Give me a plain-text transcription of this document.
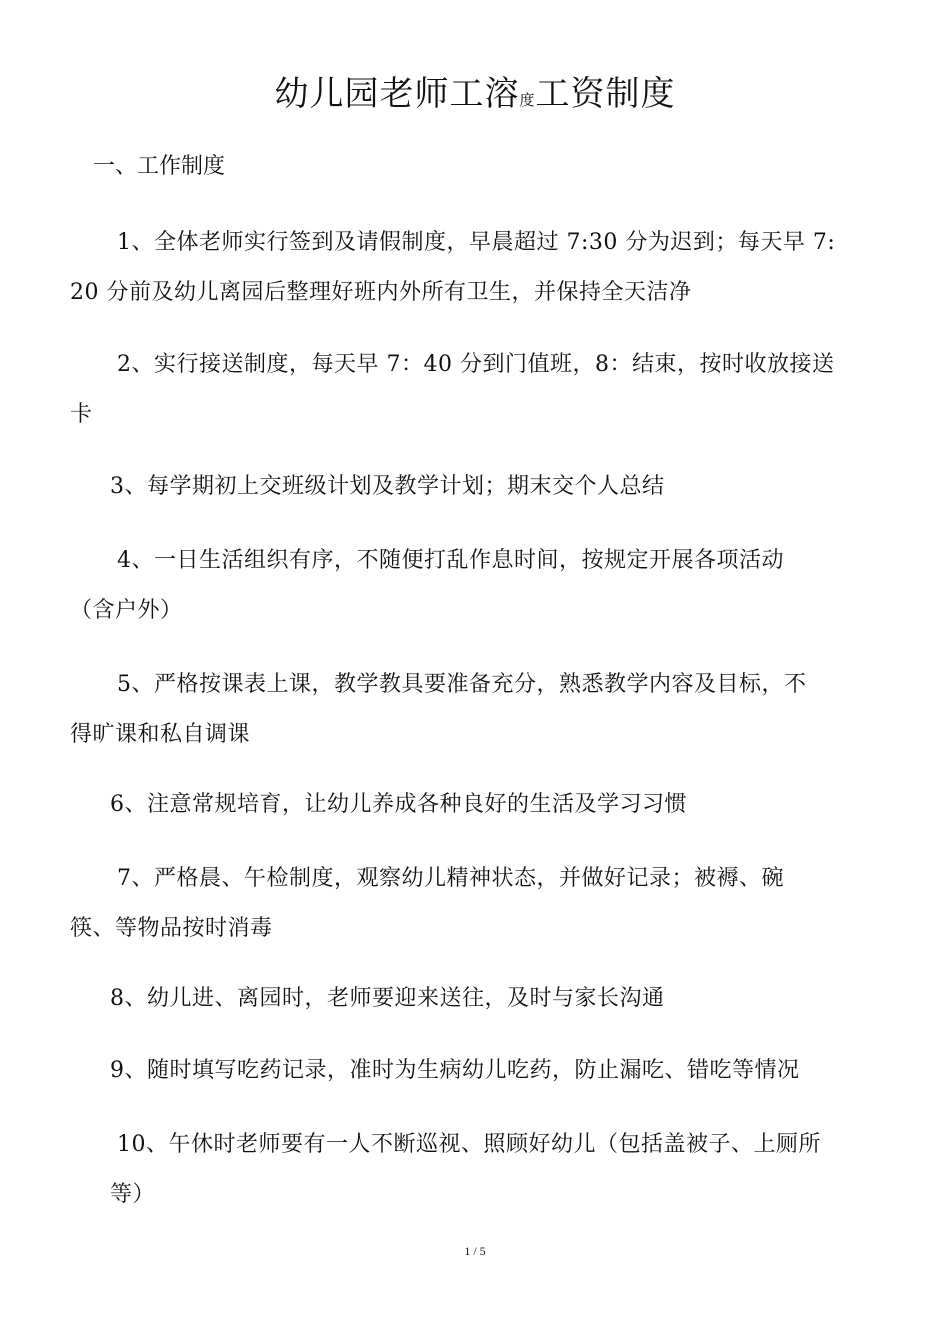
幼儿园老师工溶度工资制度
一、工作制度
1、全体老师实行签到及请假制度，早晨超过 7:30 分为迟到；每天早 7:
20 分前及幼儿离园后整理好班内外所有卫生，并保持全天洁净
2、实行接送制度，每天早 7：40 分到门值班，8：结束，按时收放接送
卡
3、每学期初上交班级计划及教学计划；期末交个人总结
4、一日生活组织有序，不随便打乱作息时间，按规定开展各项活动
（含户外）
5、严格按课表上课，教学教具要准备充分，熟悉教学内容及目标，不
得旷课和私自调课
6、注意常规培育，让幼儿养成各种良好的生活及学习习惯
7、严格晨、午检制度，观察幼儿精神状态，并做好记录；被褥、碗
筷、等物品按时消毒
8、幼儿进、离园时，老师要迎来送往，及时与家长沟通
9、随时填写吃药记录，准时为生病幼儿吃药，防止漏吃、错吃等情况
10、午休时老师要有一人不断巡视、照顾好幼儿（包括盖被子、上厕所
等）
1 / 5
